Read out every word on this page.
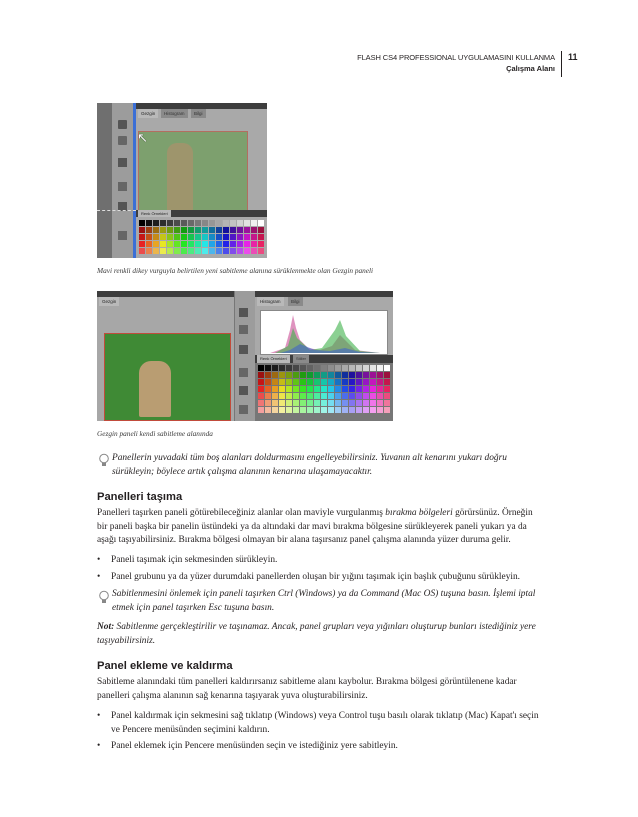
FLASH CS4 PROFESSIONAL UYGULAMASINI KULLANMA
Çalışma Alanı
11
Gezgin	Histogram	Bilgi
↖
Renk Örnekleri
Mavi renkli dikey vurguyla belirtilen yeni sabitleme alanına sürüklenmekte olan Gezgin paneli
Gezgin	Histogram	Bilgi
Renk Örnekleri	Stiller
Gezgin paneli kendi sabitleme alanında
Panellerin yuvadaki tüm boş alanları doldurmasını engelleyebilirsiniz. Yuvanın alt kenarını yukarı doğru
sürükleyin; böylece artık çalışma alanının kenarına ulaşamayacaktır.
Panelleri taşıma
Panelleri taşırken paneli götürebileceğiniz alanlar olan maviyle vurgulanmış bırakma bölgeleri görürsünüz. Örneğin
bir paneli başka bir panelin üstündeki ya da altındaki dar mavi bırakma bölgesine sürükleyerek paneli yukarı ya da
aşağı taşıyabilirsiniz. Bırakma bölgesi olmayan bir alana taşırsanız panel çalışma alanında yüzer duruma gelir.
• Paneli taşımak için sekmesinden sürükleyin.
• Panel grubunu ya da yüzer durumdaki panellerden oluşan bir yığını taşımak için başlık çubuğunu sürükleyin.
Sabitlenmesini önlemek için paneli taşırken Ctrl (Windows) ya da Command (Mac OS) tuşuna basın. İşlemi iptal
etmek için panel taşırken Esc tuşuna basın.
Not: Sabitlenme gerçekleştirilir ve taşınamaz. Ancak, panel grupları veya yığınları oluşturup bunları istediğiniz yere
taşıyabilirsiniz.
Panel ekleme ve kaldırma
Sabitleme alanındaki tüm panelleri kaldırırsanız sabitleme alanı kaybolur. Bırakma bölgesi görüntülenene kadar
panelleri çalışma alanının sağ kenarına taşıyarak yuva oluşturabilirsiniz.
• Panel kaldırmak için sekmesini sağ tıklatıp (Windows) veya Control tuşu basılı olarak tıklatıp (Mac) Kapat'ı seçin
ve Pencere menüsünden seçimini kaldırın.
• Panel eklemek için Pencere menüsünden seçin ve istediğiniz yere sabitleyin.
